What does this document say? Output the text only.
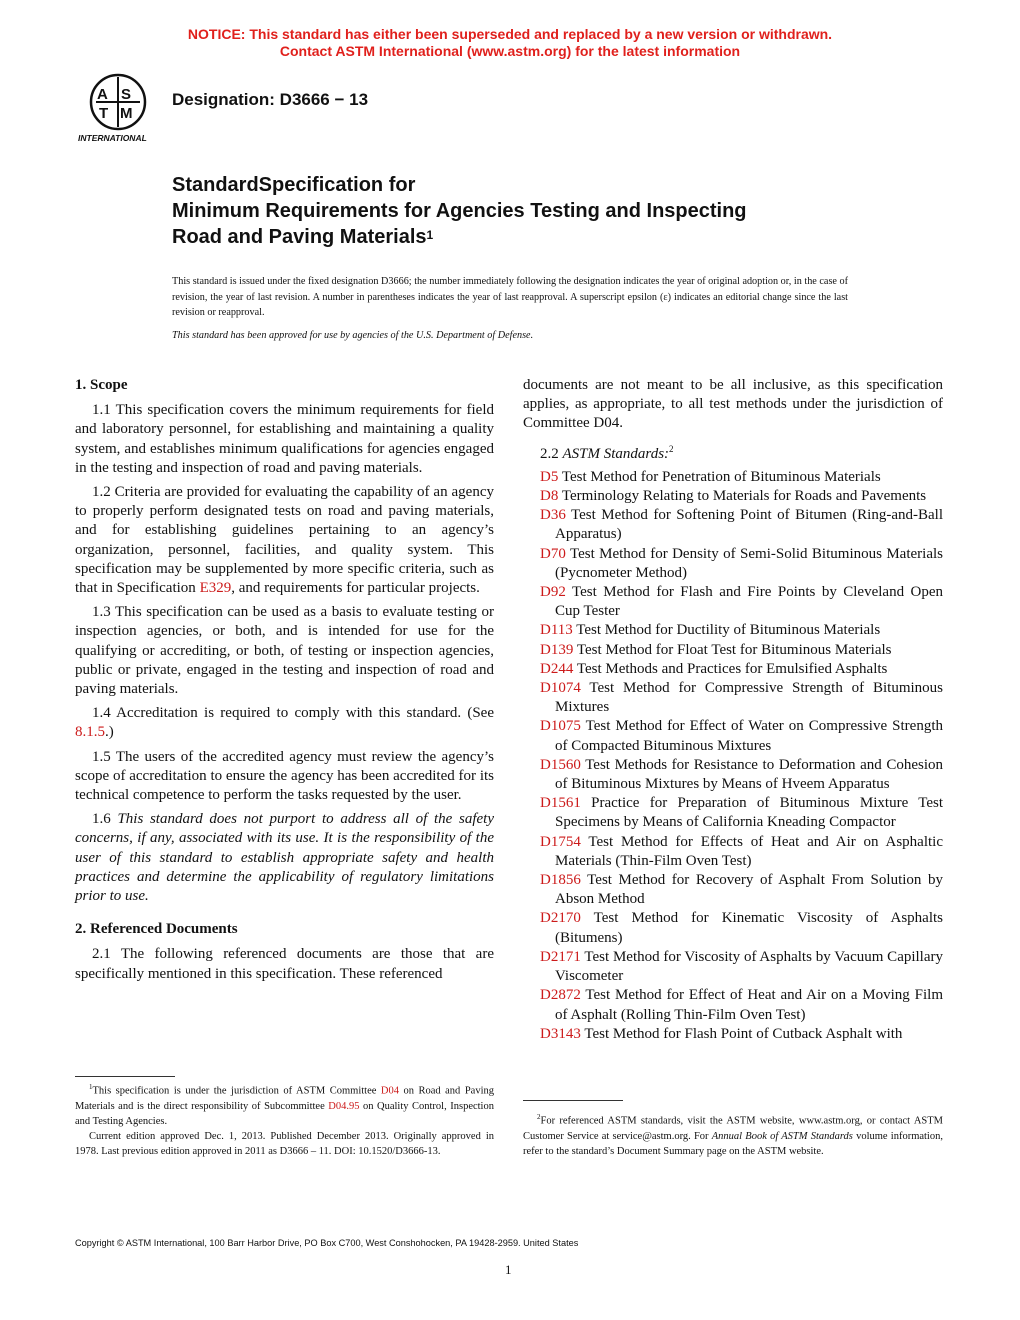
NOTICE: This standard has either been superseded and replaced by a new version or withdrawn.
Contact ASTM International (www.astm.org) for the latest information
A S
T M
INTERNATIONAL
Designation: D3666 − 13
StandardSpecification for
Minimum Requirements for Agencies Testing and Inspecting
Road and Paving Materials$^1$
This standard is issued under the fixed designation D3666; the number immediately following the designation indicates the year of original adoption or, in the case of revision, the year of last revision. A number in parentheses indicates the year of last reapproval. A superscript epsilon (ε) indicates an editorial change since the last revision or reapproval.
This standard has been approved for use by agencies of the U.S. Department of Defense.

1. Scope

1.1 This specification covers the minimum requirements for field and laboratory personnel, for establishing and maintaining a quality system, and establishes minimum qualifications for agencies engaged in the testing and inspection of road and paving materials.

1.2 Criteria are provided for evaluating the capability of an agency to properly perform designated tests on road and paving materials, and for establishing guidelines pertaining to an agency’s organization, personnel, facilities, and quality system. This specification may be supplemented by more specific criteria, such as that in Specification E329, and requirements for particular projects.

1.3 This specification can be used as a basis to evaluate testing or inspection agencies, or both, and is intended for use for the qualifying or accrediting, or both, of testing or inspection agencies, public or private, engaged in the testing and inspection of road and paving materials.

1.4 Accreditation is required to comply with this standard. (See 8.1.5.)

1.5 The users of the accredited agency must review the agency’s scope of accreditation to ensure the agency has been accredited for its technical competence to perform the tasks requested by the user.

1.6 This standard does not purport to address all of the safety concerns, if any, associated with its use. It is the responsibility of the user of this standard to establish appropriate safety and health practices and determine the applicability of regulatory limitations prior to use.

2. Referenced Documents

2.1 The following referenced documents are those that are specifically mentioned in this specification. These referenced

documents are not meant to be all inclusive, as this specification applies, as appropriate, to all test methods under the jurisdiction of Committee D04.

2.2 ASTM Standards:$^2$

D5 Test Method for Penetration of Bituminous Materials

D8 Terminology Relating to Materials for Roads and Pavements

D36 Test Method for Softening Point of Bitumen (Ring-and-Ball Apparatus)

D70 Test Method for Density of Semi-Solid Bituminous Materials (Pycnometer Method)

D92 Test Method for Flash and Fire Points by Cleveland Open Cup Tester

D113 Test Method for Ductility of Bituminous Materials

D139 Test Method for Float Test for Bituminous Materials

D244 Test Methods and Practices for Emulsified Asphalts

D1074 Test Method for Compressive Strength of Bituminous Mixtures

D1075 Test Method for Effect of Water on Compressive Strength of Compacted Bituminous Mixtures

D1560 Test Methods for Resistance to Deformation and Cohesion of Bituminous Mixtures by Means of Hveem Apparatus

D1561 Practice for Preparation of Bituminous Mixture Test Specimens by Means of California Kneading Compactor

D1754 Test Method for Effects of Heat and Air on Asphaltic Materials (Thin-Film Oven Test)

D1856 Test Method for Recovery of Asphalt From Solution by Abson Method

D2170 Test Method for Kinematic Viscosity of Asphalts (Bitumens)

D2171 Test Method for Viscosity of Asphalts by Vacuum Capillary Viscometer

D2872 Test Method for Effect of Heat and Air on a Moving Film of Asphalt (Rolling Thin-Film Oven Test)

D3143 Test Method for Flash Point of Cutback Asphalt with

$^1$This specification is under the jurisdiction of ASTM Committee D04 on Road and Paving Materials and is the direct responsibility of Subcommittee D04.95 on Quality Control, Inspection and Testing Agencies.

Current edition approved Dec. 1, 2013. Published December 2013. Originally approved in 1978. Last previous edition approved in 2011 as D3666 – 11. DOI: 10.1520/D3666-13.

$^2$For referenced ASTM standards, visit the ASTM website, www.astm.org, or contact ASTM Customer Service at service@astm.org. For Annual Book of ASTM Standards volume information, refer to the standard’s Document Summary page on the ASTM website.

Copyright © ASTM International, 100 Barr Harbor Drive, PO Box C700, West Conshohocken, PA 19428-2959. United States
1
